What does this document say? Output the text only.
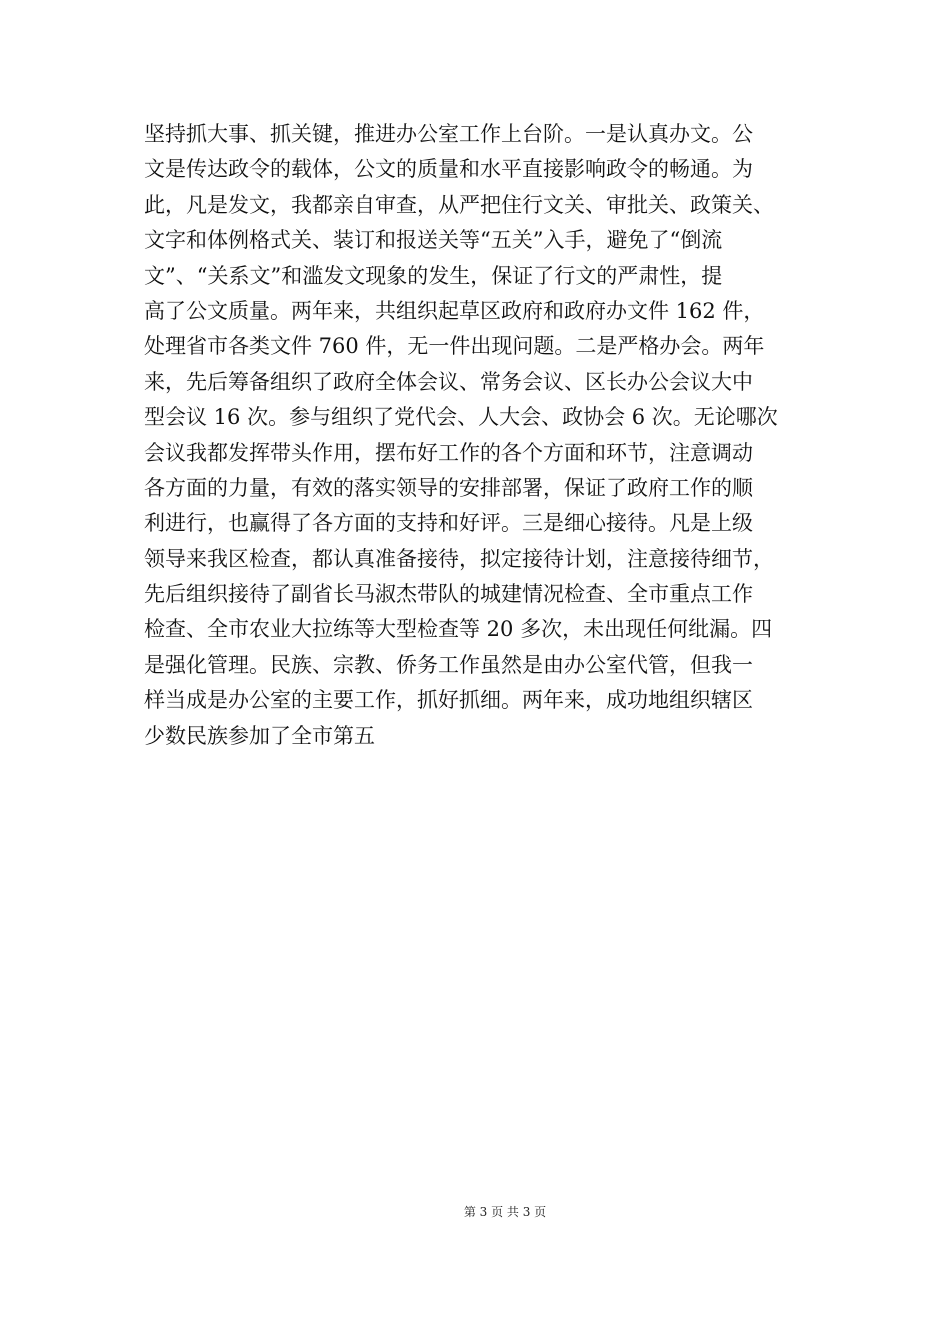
坚持抓大事、抓关键，推进办公室工作上台阶。一是认真办文。公
文是传达政令的载体，公文的质量和水平直接影响政令的畅通。为
此，凡是发文，我都亲自审查，从严把住行文关、审批关、政策关、
文字和体例格式关、装订和报送关等“五关”入手，避免了“倒流
文”、“关系文”和滥发文现象的发生，保证了行文的严肃性，提
高了公文质量。两年来，共组织起草区政府和政府办文件 162 件，
处理省市各类文件 760 件，无一件出现问题。二是严格办会。两年
来，先后筹备组织了政府全体会议、常务会议、区长办公会议大中
型会议 16 次。参与组织了党代会、人大会、政协会 6 次。无论哪次
会议我都发挥带头作用，摆布好工作的各个方面和环节，注意调动
各方面的力量，有效的落实领导的安排部署，保证了政府工作的顺
利进行，也赢得了各方面的支持和好评。三是细心接待。凡是上级
领导来我区检查，都认真准备接待，拟定接待计划，注意接待细节，
先后组织接待了副省长马淑杰带队的城建情况检查、全市重点工作
检查、全市农业大拉练等大型检查等 20 多次，未出现任何纰漏。四
是强化管理。民族、宗教、侨务工作虽然是由办公室代管，但我一
样当成是办公室的主要工作，抓好抓细。两年来，成功地组织辖区
少数民族参加了全市第五
第 3 页 共 3 页
